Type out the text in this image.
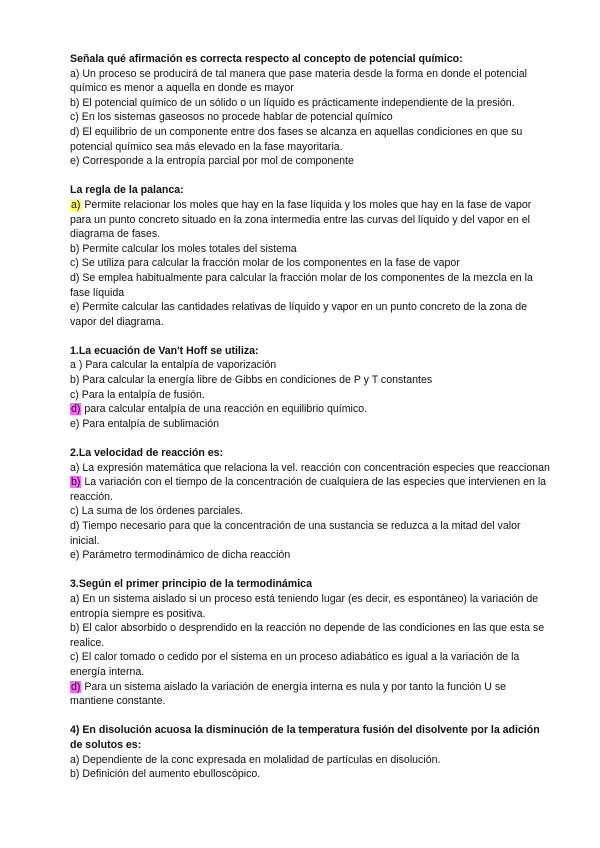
Señala qué afirmación es correcta respecto al concepto de potencial químico:

a) Un proceso se producirá de tal manera que pase materia desde la forma en donde el potencial químico es menor a aquella en donde es mayor

b) El potencial químico de un sólido o un líquido es prácticamente independiente de la presión.

c) En los sistemas gaseosos no procede hablar de potencial químico

d) El equilibrio de un componente entre dos fases se alcanza en aquellas condiciones en que su potencial químico sea más elevado en la fase mayoritaria.

e) Corresponde a la entropía parcial por mol de componente

La regla de la palanca:

a) Permite relacionar los moles que hay en la fase líquida y los moles que hay en la fase de vapor para un punto concreto situado en la zona intermedia entre las curvas del líquido y del vapor en el diagrama de fases.

b) Permite calcular los moles totales del sistema

c) Se utiliza para calcular la fracción molar de los componentes en la fase de vapor

d) Se emplea habitualmente para calcular la fracción molar de los componentes de la mezcla en la fase líquida

e) Permite calcular las cantidades relativas de líquido y vapor en un punto concreto de la zona de vapor del diagrama.

1.La ecuación de Van't Hoff se utiliza:

a ) Para calcular la entalpía de vaporización

b) Para calcular la energía libre de Gibbs en condiciones de P y T constantes

c) Para la entalpía de fusión.

d) para calcular entalpía de una reacción en equilibrio químico.

e) Para entalpía de sublimación

2.La velocidad de reacción es:

a) La expresión matemática que relaciona la vel. reacción con concentración especies que reaccionan

b) La variación con el tiempo de la concentración de cualquiera de las especies que intervienen en la reacción.

c) La suma de los órdenes parciales.

d) Tiempo necesario para que la concentración de una sustancia se reduzca a la mitad del valor inicial.

e) Parámetro termodinámico de dicha reacción

3.Según el primer principio de la termodinámica

a) En un sistema aislado si un proceso está teniendo lugar (es decir, es espontáneo) la variación de entropía siempre es positiva.

b) El calor absorbido o desprendido en la reacción no depende de las condiciones en las que esta se realice.

c) El calor tomado o cedido por el sistema en un proceso adiabático es igual a la variación de la energía interna.

d) Para un sistema aislado la variación de energía interna es nula y por tanto la función U se mantiene constante.

4) En disolución acuosa la disminución de la temperatura fusión del disolvente por la adición de solutos es:

a) Dependiente de la conc expresada en molalidad de partículas en disolución.

b) Definición del aumento ebulloscópico.
